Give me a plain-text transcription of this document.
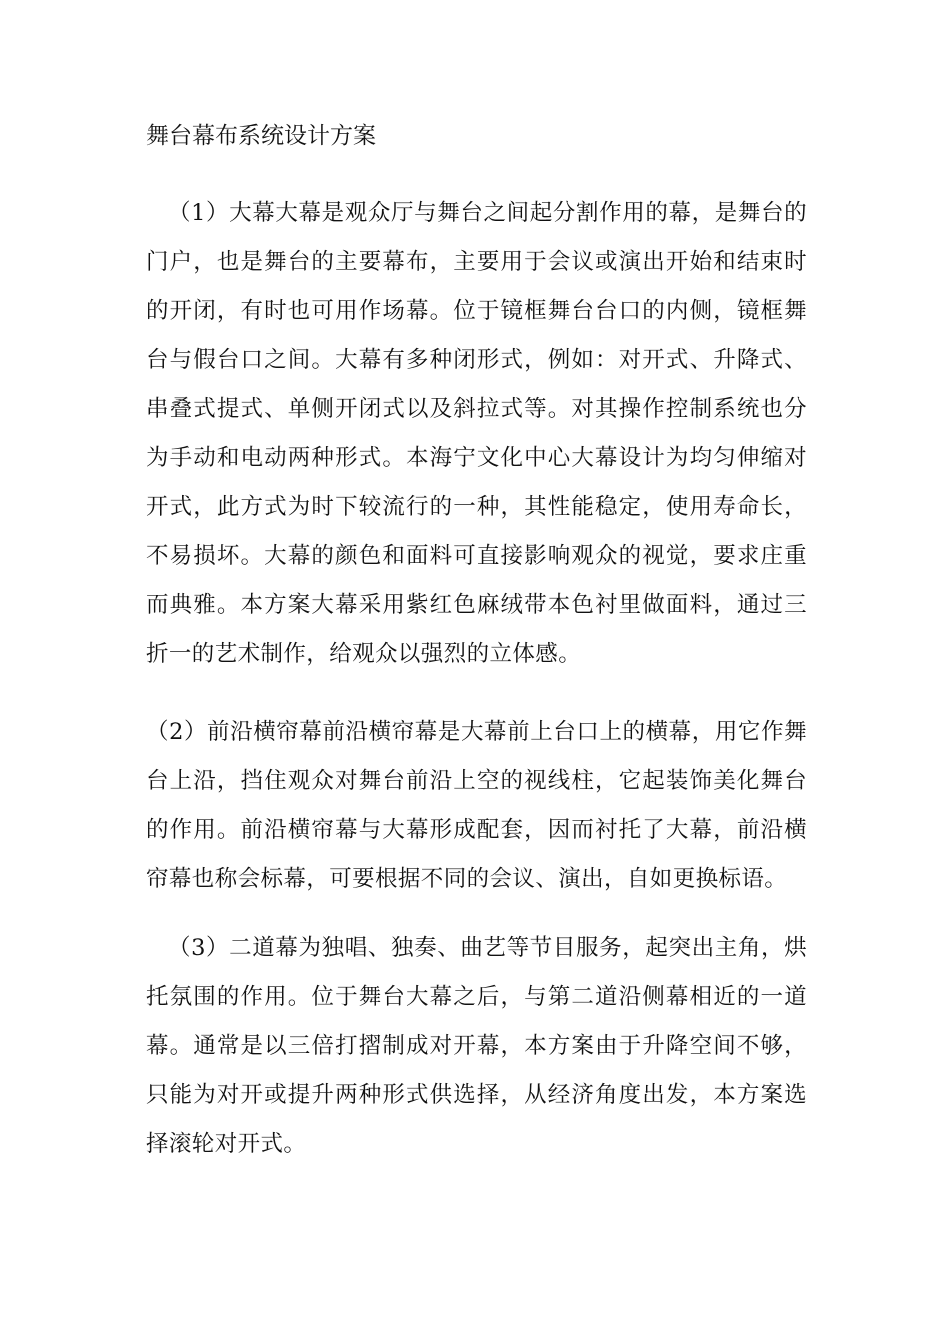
舞台幕布系统设计方案

（1）大幕大幕是观众厅与舞台之间起分割作用的幕，是舞台的门户，也是舞台的主要幕布，主要用于会议或演出开始和结束时的开闭，有时也可用作场幕。位于镜框舞台台口的内侧，镜框舞台与假台口之间。大幕有多种闭形式，例如：对开式、升降式、串叠式提式、单侧开闭式以及斜拉式等。对其操作控制系统也分为手动和电动两种形式。本海宁文化中心大幕设计为均匀伸缩对开式，此方式为时下较流行的一种，其性能稳定，使用寿命长，不易损坏。大幕的颜色和面料可直接影响观众的视觉，要求庄重而典雅。本方案大幕采用紫红色麻绒带本色衬里做面料，通过三折一的艺术制作，给观众以强烈的立体感。

（2）前沿横帘幕前沿横帘幕是大幕前上台口上的横幕，用它作舞台上沿，挡住观众对舞台前沿上空的视线柱，它起装饰美化舞台的作用。前沿横帘幕与大幕形成配套，因而衬托了大幕，前沿横帘幕也称会标幕，可要根据不同的会议、演出，自如更换标语。

（3）二道幕为独唱、独奏、曲艺等节目服务，起突出主角，烘托氛围的作用。位于舞台大幕之后，与第二道沿侧幕相近的一道幕。通常是以三倍打摺制成对开幕，本方案由于升降空间不够，只能为对开或提升两种形式供选择，从经济角度出发，本方案选择滚轮对开式。
